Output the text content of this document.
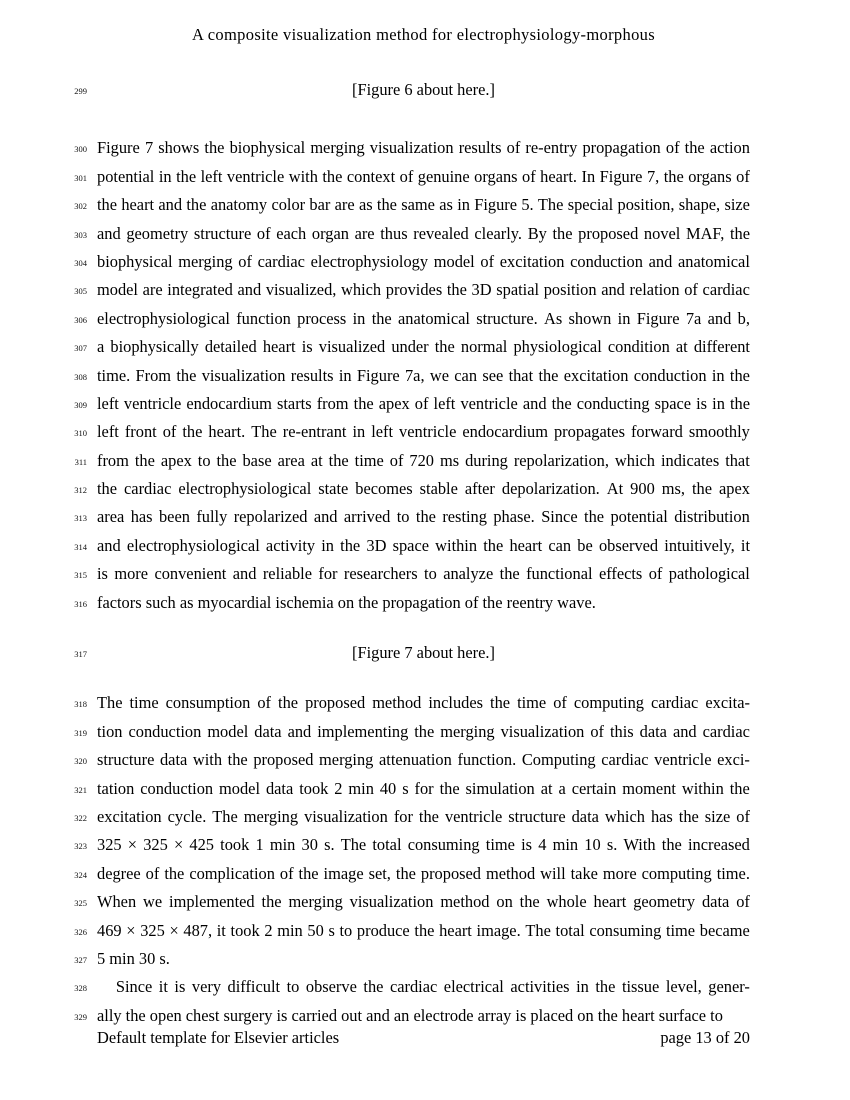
A composite visualization method for electrophysiology-morphous
299	[Figure 6 about here.]
300 Figure 7 shows the biophysical merging visualization results of re-entry propagation of the action
301 potential in the left ventricle with the context of genuine organs of heart. In Figure 7, the organs of
302 the heart and the anatomy color bar are as the same as in Figure 5. The special position, shape, size
303 and geometry structure of each organ are thus revealed clearly. By the proposed novel MAF, the
304 biophysical merging of cardiac electrophysiology model of excitation conduction and anatomical
305 model are integrated and visualized, which provides the 3D spatial position and relation of cardiac
306 electrophysiological function process in the anatomical structure. As shown in Figure 7a and b,
307 a biophysically detailed heart is visualized under the normal physiological condition at different
308 time. From the visualization results in Figure 7a, we can see that the excitation conduction in the
309 left ventricle endocardium starts from the apex of left ventricle and the conducting space is in the
310 left front of the heart. The re-entrant in left ventricle endocardium propagates forward smoothly
311 from the apex to the base area at the time of 720 ms during repolarization, which indicates that
312 the cardiac electrophysiological state becomes stable after depolarization. At 900 ms, the apex
313 area has been fully repolarized and arrived to the resting phase. Since the potential distribution
314 and electrophysiological activity in the 3D space within the heart can be observed intuitively, it
315 is more convenient and reliable for researchers to analyze the functional effects of pathological
316 factors such as myocardial ischemia on the propagation of the reentry wave.
317	[Figure 7 about here.]
318 The time consumption of the proposed method includes the time of computing cardiac excita-
319 tion conduction model data and implementing the merging visualization of this data and cardiac
320 structure data with the proposed merging attenuation function. Computing cardiac ventricle exci-
321 tation conduction model data took 2 min 40 s for the simulation at a certain moment within the
322 excitation cycle. The merging visualization for the ventricle structure data which has the size of
323 325 × 325 × 425 took 1 min 30 s. The total consuming time is 4 min 10 s. With the increased
324 degree of the complication of the image set, the proposed method will take more computing time.
325 When we implemented the merging visualization method on the whole heart geometry data of
326 469 × 325 × 487, it took 2 min 50 s to produce the heart image. The total consuming time became
327 5 min 30 s.
328
Since it is very difficult to observe the cardiac electrical activities in the tissue level, gener-
329 ally the open chest surgery is carried out and an electrode array is placed on the heart surface to
Default template for Elsevier articles	page 13 of 20
